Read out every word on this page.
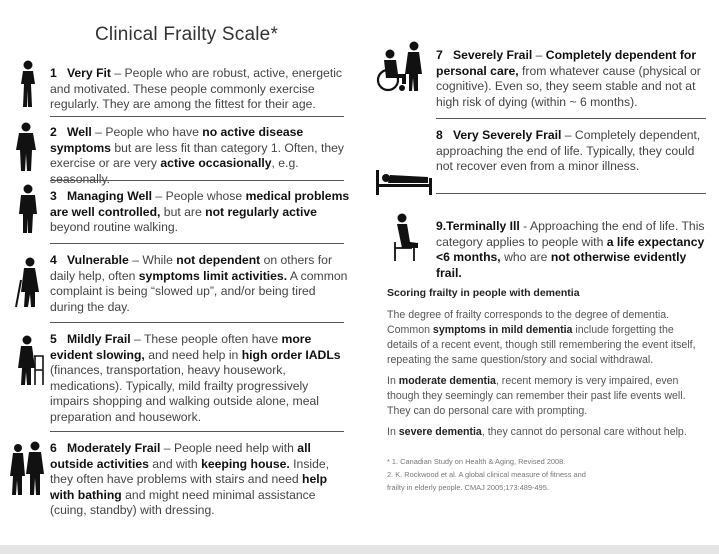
Clinical Frailty Scale*
1 Very Fit – People who are robust, active, energetic and motivated. These people commonly exercise regularly. They are among the fittest for their age.
2 Well – People who have no active disease symptoms but are less fit than category 1. Often, they exercise or are very active occasionally, e.g. seasonally.
3 Managing Well – People whose medical problems are well controlled, but are not regularly active beyond routine walking.
4 Vulnerable – While not dependent on others for daily help, often symptoms limit activities. A common complaint is being “slowed up”, and/or being tired during the day.
5 Mildly Frail – These people often have more evident slowing, and need help in high order IADLs (finances, transportation, heavy housework, medications). Typically, mild frailty progressively impairs shopping and walking outside alone, meal preparation and housework.
6 Moderately Frail – People need help with all outside activities and with keeping house. Inside, they often have problems with stairs and need help with bathing and might need minimal assistance (cuing, standby) with dressing.
7 Severely Frail – Completely dependent for personal care, from whatever cause (physical or cognitive). Even so, they seem stable and not at high risk of dying (within ~ 6 months).
8 Very Severely Frail – Completely dependent, approaching the end of life. Typically, they could not recover even from a minor illness.
9.Terminally Ill - Approaching the end of life. This category applies to people with a life expectancy <6 months, who are not otherwise evidently frail.
Scoring frailty in people with dementia
The degree of frailty corresponds to the degree of dementia. Common symptoms in mild dementia include forgetting the details of a recent event, though still remembering the event itself, repeating the same question/story and social withdrawal.
In moderate dementia, recent memory is very impaired, even though they seemingly can remember their past life events well. They can do personal care with prompting.
In severe dementia, they cannot do personal care without help.
* 1. Canadian Study on Health & Aging, Revised 2008.
2. K. Rockwood et al. A global clinical measure of fitness and
frailty in elderly people. CMAJ 2005;173:489-495.
